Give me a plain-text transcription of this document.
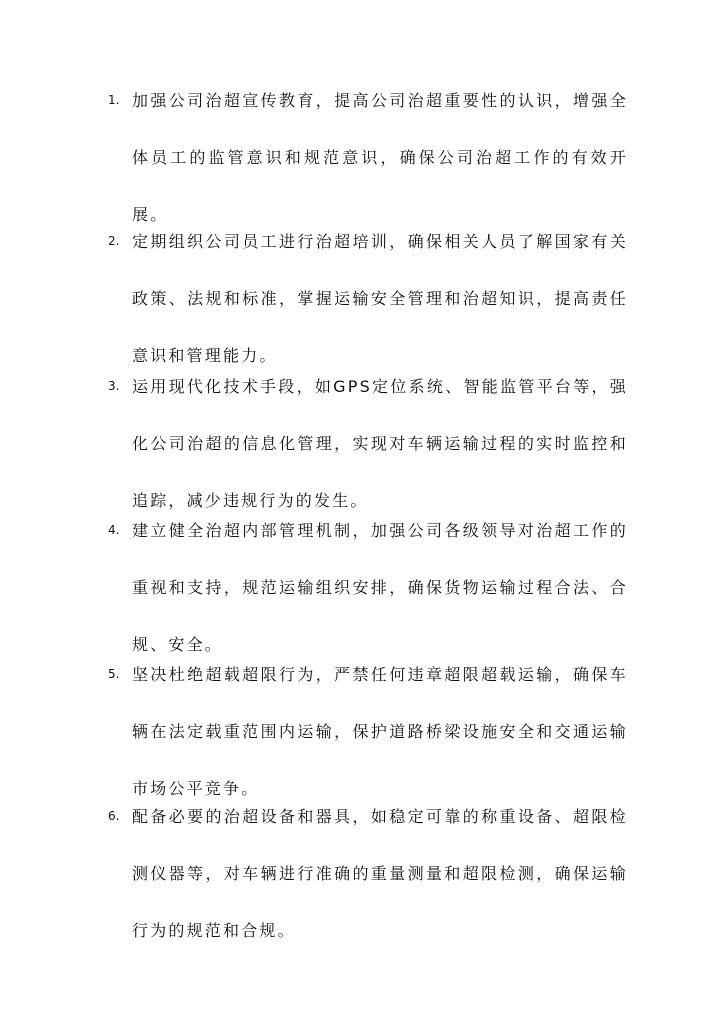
1. 加强公司治超宣传教育，提高公司治超重要性的认识，增强全体员工的监管意识和规范意识，确保公司治超工作的有效开展。
2. 定期组织公司员工进行治超培训，确保相关人员了解国家有关政策、法规和标准，掌握运输安全管理和治超知识，提高责任意识和管理能力。
3. 运用现代化技术手段，如GPS定位系统、智能监管平台等，强化公司治超的信息化管理，实现对车辆运输过程的实时监控和追踪，减少违规行为的发生。
4. 建立健全治超内部管理机制，加强公司各级领导对治超工作的重视和支持，规范运输组织安排，确保货物运输过程合法、合规、安全。
5. 坚决杜绝超载超限行为，严禁任何违章超限超载运输，确保车辆在法定载重范围内运输，保护道路桥梁设施安全和交通运输市场公平竞争。
6. 配备必要的治超设备和器具，如稳定可靠的称重设备、超限检测仪器等，对车辆进行准确的重量测量和超限检测，确保运输行为的规范和合规。
